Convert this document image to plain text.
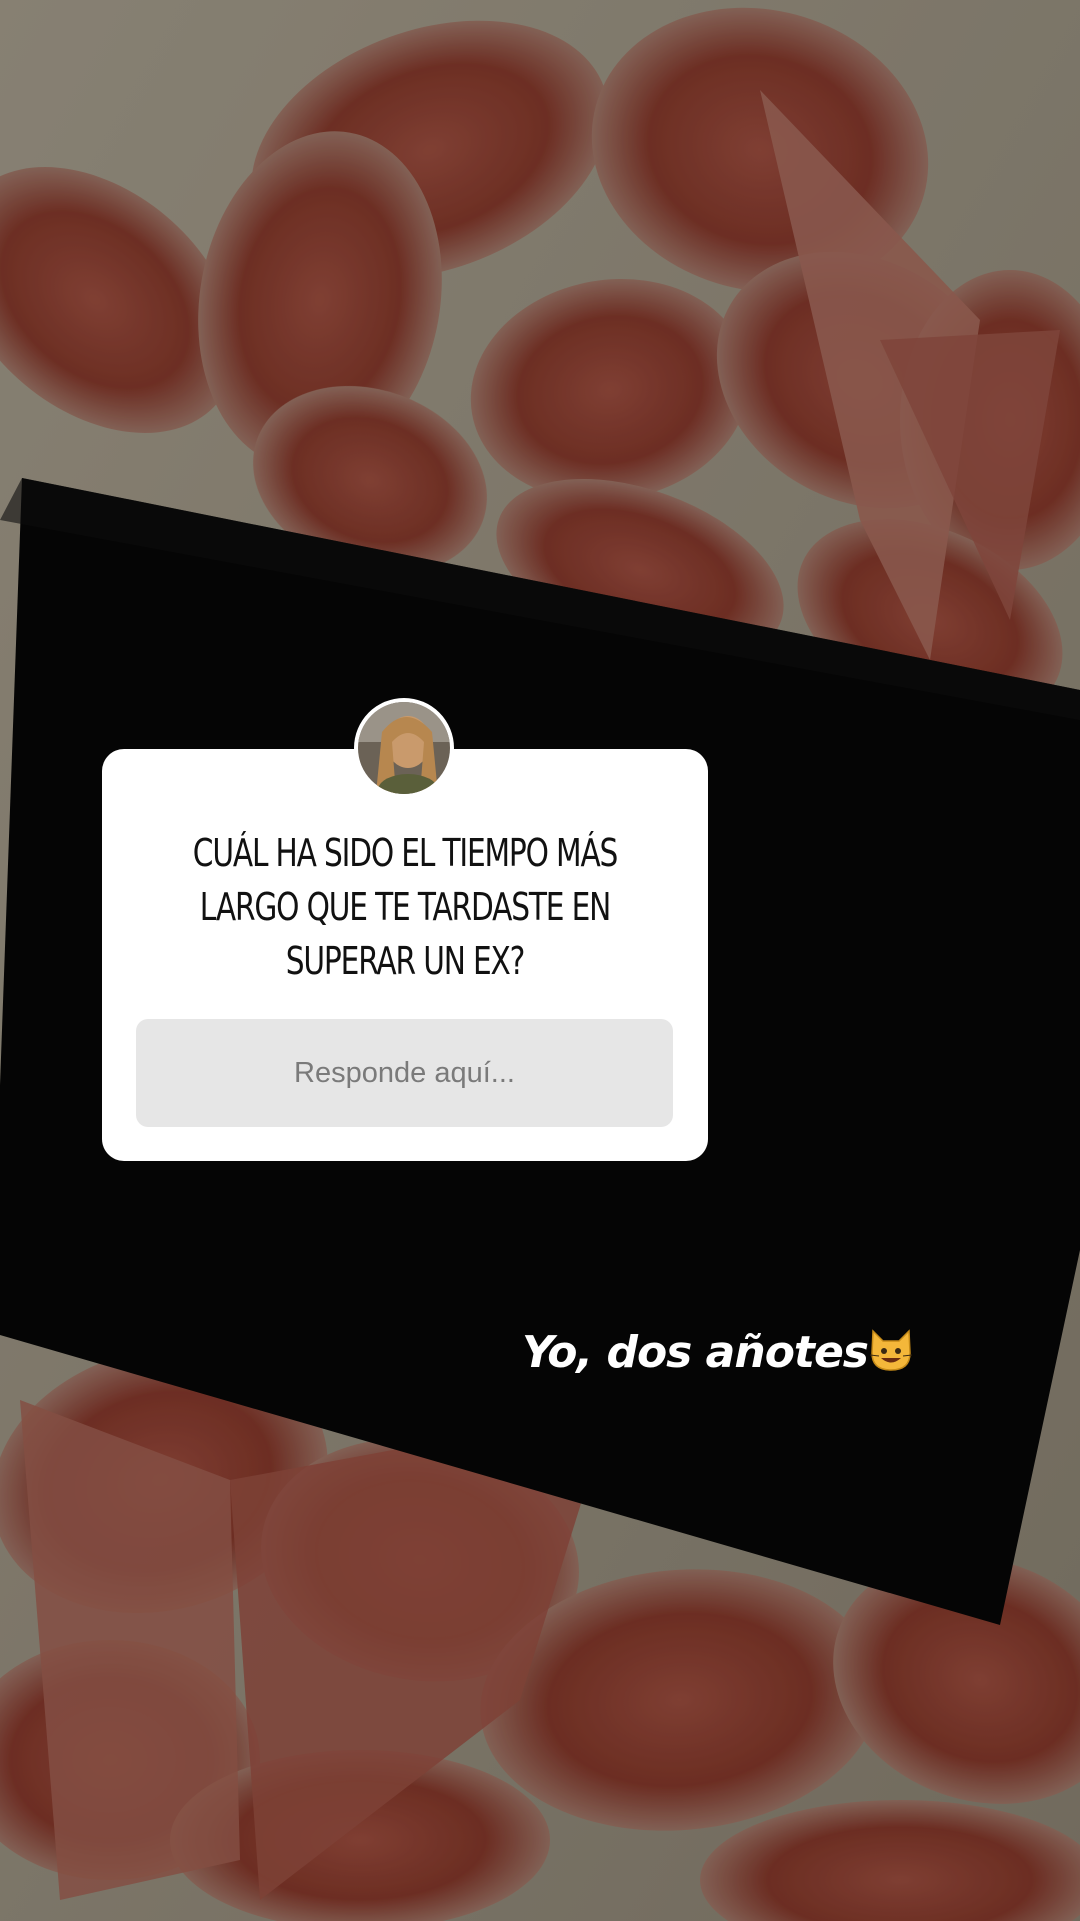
CUÁL HA SIDO EL TIEMPO MÁS LARGO QUE TE TARDASTE EN SUPERAR UN EX?
Responde aquí...
Yo, dos añotes
